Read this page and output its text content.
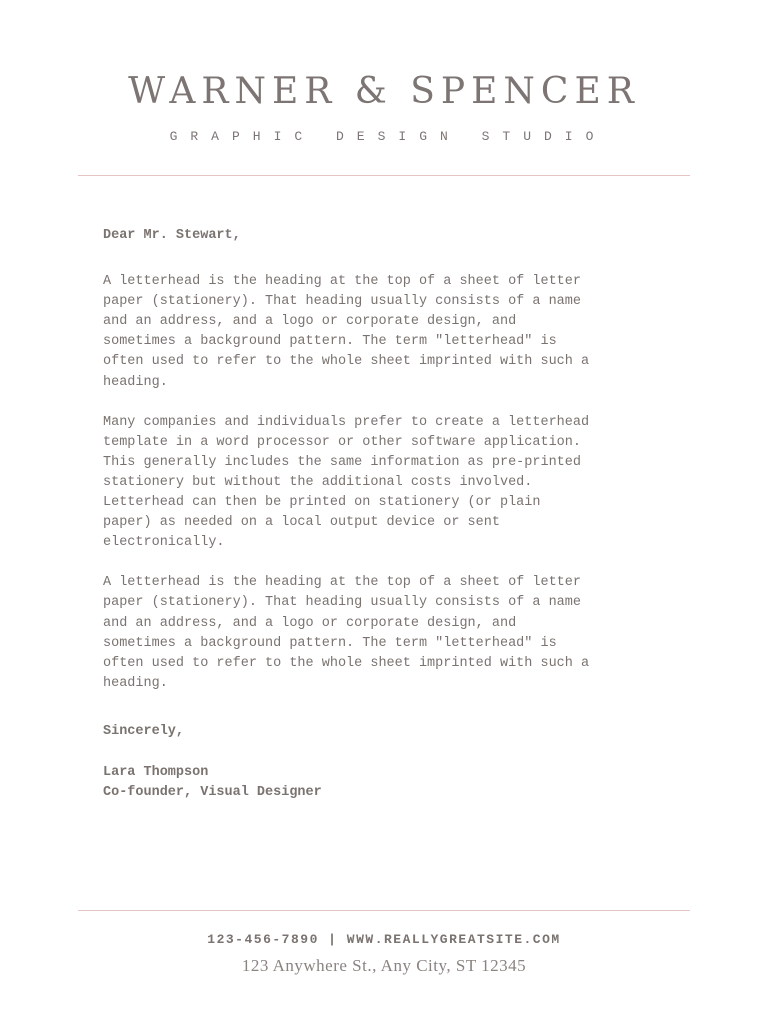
WARNER & SPENCER
GRAPHIC DESIGN STUDIO

Dear Mr. Stewart,

A letterhead is the heading at the top of a sheet of letter
paper (stationery). That heading usually consists of a name
and an address, and a logo or corporate design, and
sometimes a background pattern. The term "letterhead" is
often used to refer to the whole sheet imprinted with such a
heading.

Many companies and individuals prefer to create a letterhead
template in a word processor or other software application.
This generally includes the same information as pre-printed
stationery but without the additional costs involved.
Letterhead can then be printed on stationery (or plain
paper) as needed on a local output device or sent
electronically.

A letterhead is the heading at the top of a sheet of letter
paper (stationery). That heading usually consists of a name
and an address, and a logo or corporate design, and
sometimes a background pattern. The term "letterhead" is
often used to refer to the whole sheet imprinted with such a
heading.

Sincerely,

Lara Thompson

Co-founder, Visual Designer

123-456-7890 | WWW.REALLYGREATSITE.COM
123 Anywhere St., Any City, ST 12345
